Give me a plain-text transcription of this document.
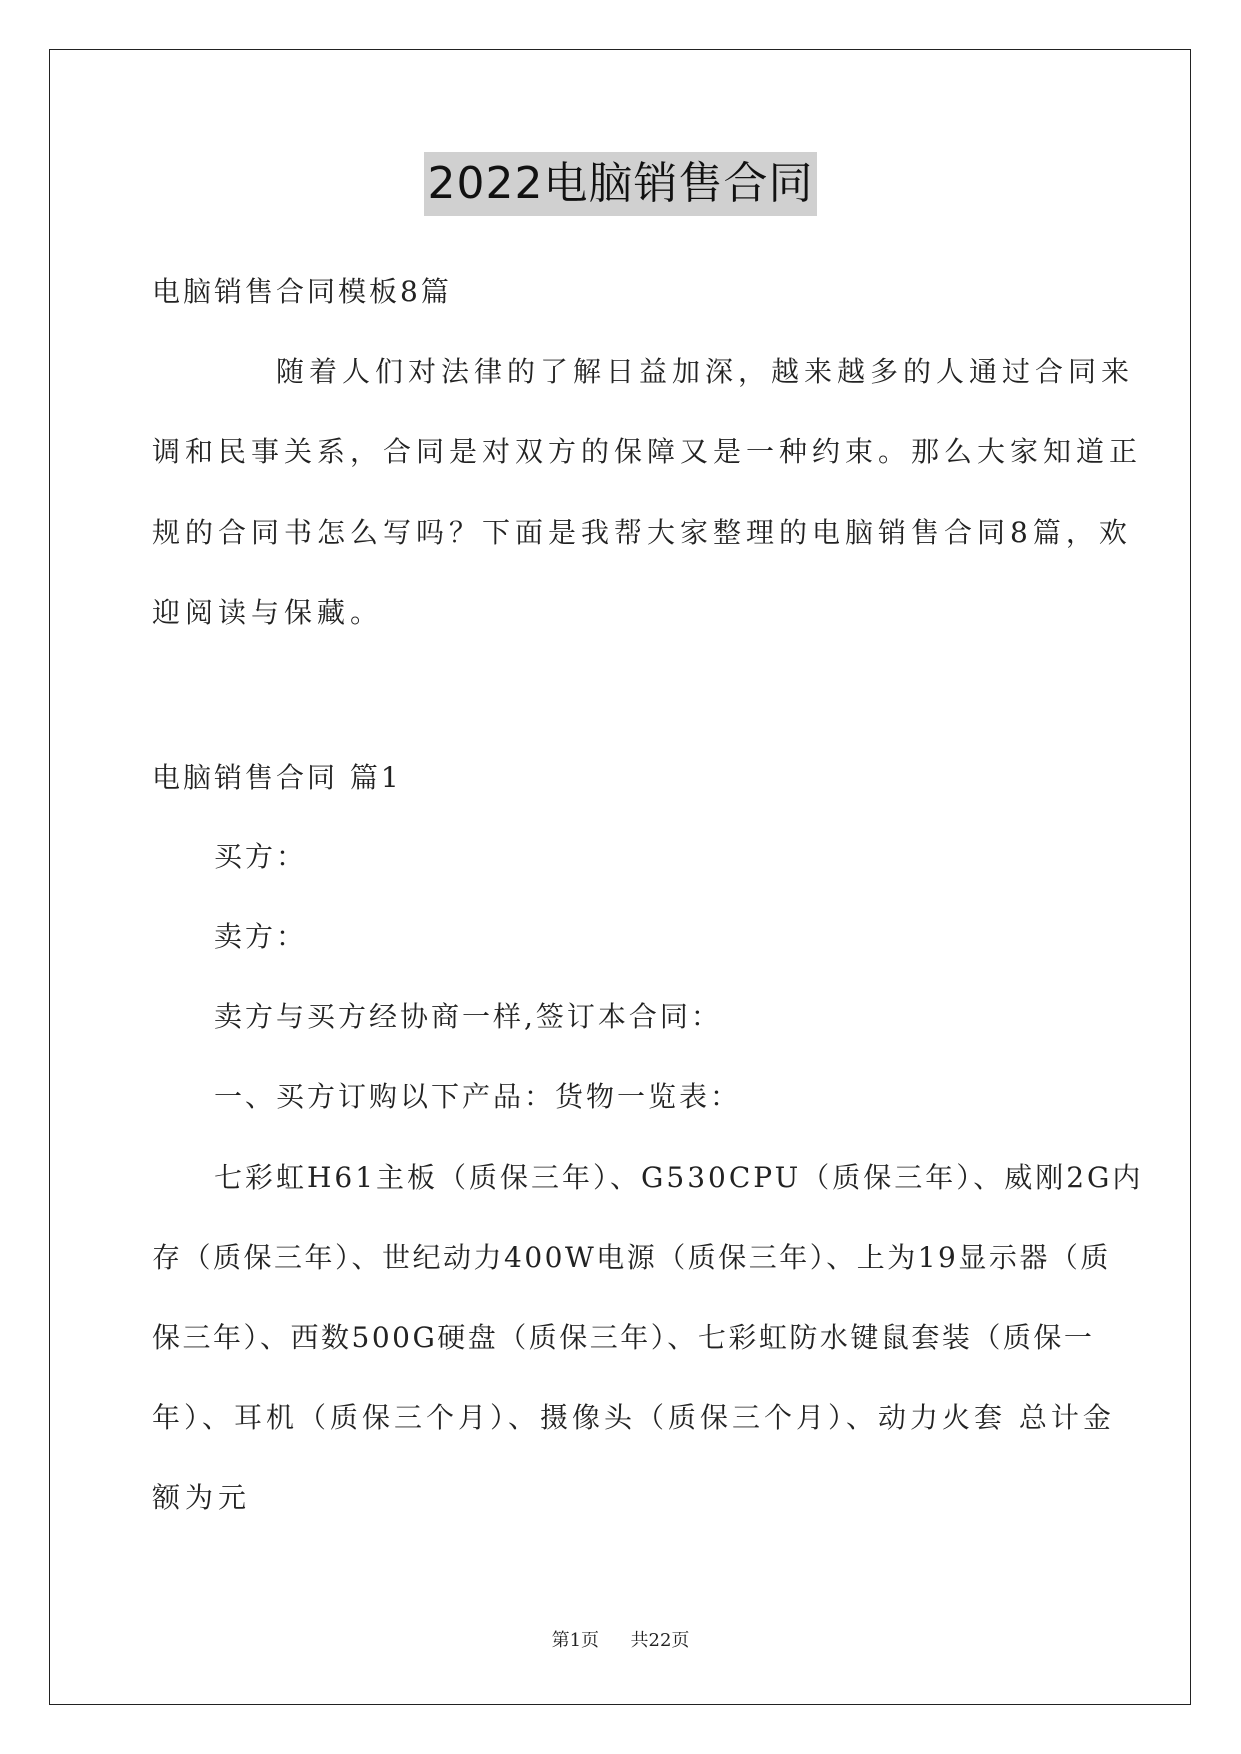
2022电脑销售合同
电脑销售合同模板8篇
随着人们对法律的了解日益加深，越来越多的人通过合同来
调和民事关系，合同是对双方的保障又是一种约束。那么大家知道正
规的合同书怎么写吗？下面是我帮大家整理的电脑销售合同8篇，欢
迎阅读与保藏。
电脑销售合同 篇1
买方：
卖方：
卖方与买方经协商一样,签订本合同：
一、买方订购以下产品：货物一览表：
七彩虹H61主板（质保三年）、G530CPU（质保三年）、威刚2G内
存（质保三年）、世纪动力400W电源（质保三年）、上为19显示器（质
保三年）、西数500G硬盘（质保三年）、七彩虹防水键鼠套装（质保一
年）、耳机（质保三个月）、摄像头（质保三个月）、动力火套 总计金
额为元
第1页 共22页
